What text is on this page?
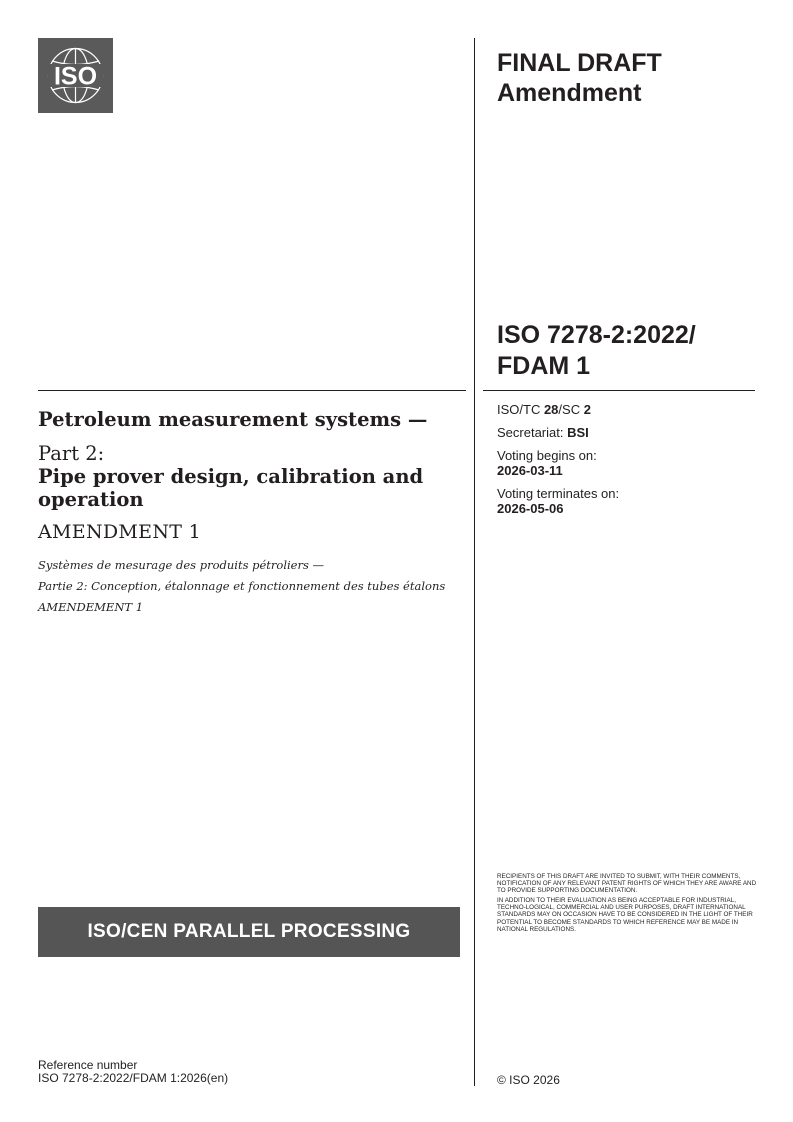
ISO	FINAL DRAFT
Amendment
ISO 7278-2:2022/
FDAM 1

ISO/TC 28/SC 2

Secretariat: BSI

Voting begins on:
2026-03-11

Voting terminates on:
2026-05-06

Petroleum measurement systems —

Part 2:

Pipe prover design, calibration and operation

AMENDMENT 1

Systèmes de mesurage des produits pétroliers —

Partie 2: Conception, étalonnage et fonctionnement des tubes étalons

AMENDEMENT 1

ISO/CEN PARALLEL PROCESSING

RECIPIENTS OF THIS DRAFT ARE INVITED TO SUBMIT, WITH THEIR COMMENTS, NOTIFICATION OF ANY RELEVANT PATENT RIGHTS OF WHICH THEY ARE AWARE AND TO PROVIDE SUPPORTING DOCUMENTATION.

IN ADDITION TO THEIR EVALUATION AS BEING ACCEPTABLE FOR INDUSTRIAL, TECHNO-LOGICAL, COMMERCIAL AND USER PURPOSES, DRAFT INTERNATIONAL STANDARDS MAY ON OCCASION HAVE TO BE CONSIDERED IN THE LIGHT OF THEIR POTENTIAL TO BECOME STANDARDS TO WHICH REFERENCE MAY BE MADE IN NATIONAL REGULATIONS.

Reference number
ISO 7278-2:2022/FDAM 1:2026(en)	© ISO 2026
